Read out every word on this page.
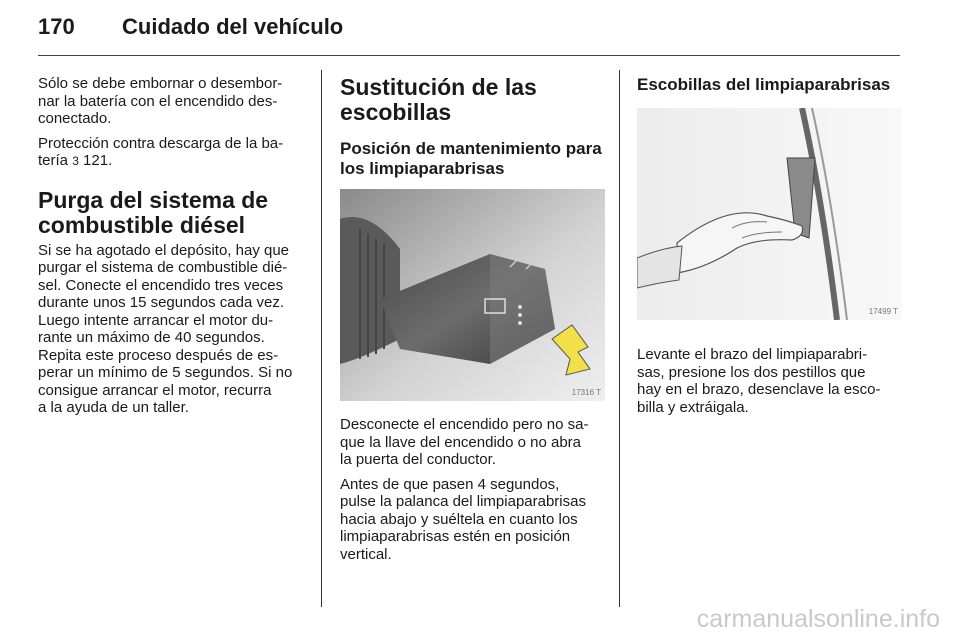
170 Cuidado del vehículo

Sólo se debe embornar o desembor-
nar la batería con el encendido des-
conectado.

Protección contra descarga de la ba-
tería 3 121.

Purga del sistema de combustible diésel

Si se ha agotado el depósito, hay que
purgar el sistema de combustible dié-
sel. Conecte el encendido tres veces
durante unos 15 segundos cada vez.
Luego intente arrancar el motor du-
rante un máximo de 40 segundos.
Repita este proceso después de es-
perar un mínimo de 5 segundos. Si no
consigue arrancar el motor, recurra
a la ayuda de un taller.

Sustitución de las escobillas
Posición de mantenimiento para los limpiaparabrisas
17316 T

Desconecte el encendido pero no sa-
que la llave del encendido o no abra
la puerta del conductor.

Antes de que pasen 4 segundos,
pulse la palanca del limpiaparabrisas
hacia abajo y suéltela en cuanto los
limpiaparabrisas estén en posición
vertical.

Escobillas del limpiaparabrisas
17499 T

Levante el brazo del limpiaparabri-
sas, presione los dos pestillos que
hay en el brazo, desenclave la esco-
billa y extráigala.

carmanualsonline.info
